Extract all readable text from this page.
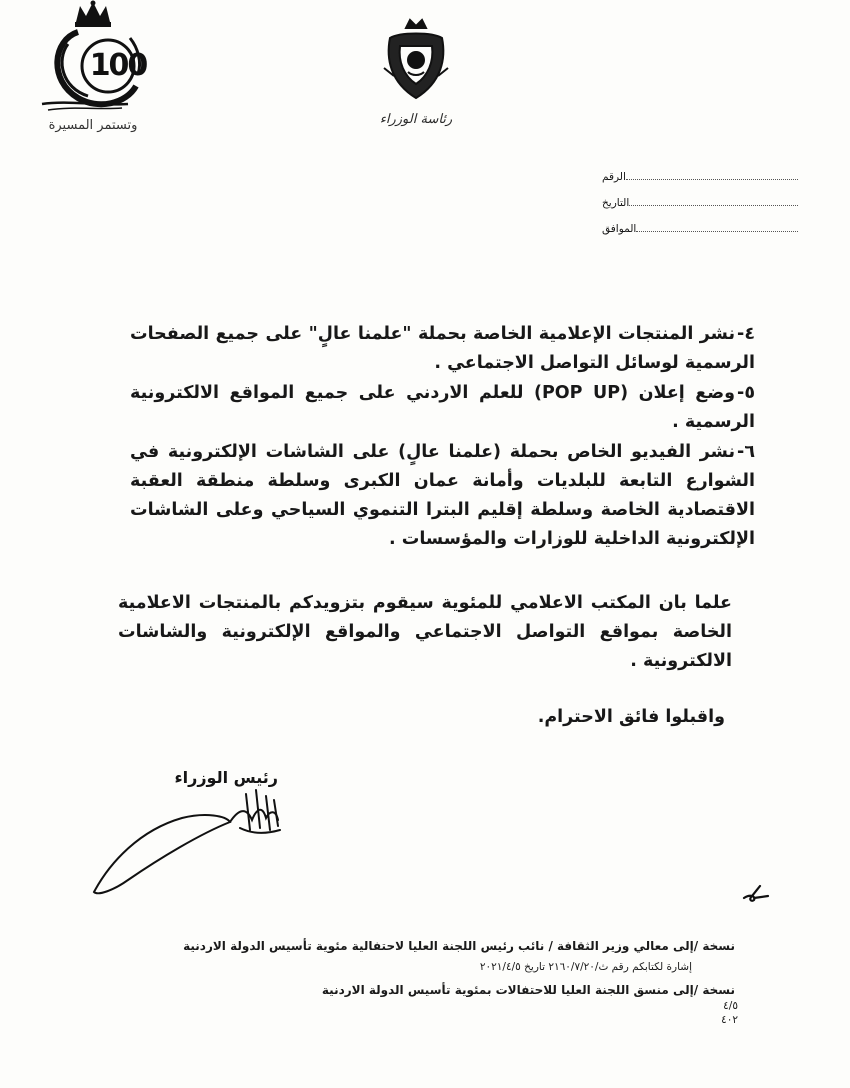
100
وتستمر المسيرة	رئاسة الوزراء
الرقم
التاريخ
الموافق
٤-نشر المنتجات الإعلامية الخاصة بحملة "علمنا عالٍ" على جميع الصفحات الرسمية لوسائل التواصل الاجتماعي .
٥-وضع إعلان (POP UP) للعلم الاردني على جميع المواقع الالكترونية الرسمية .
٦-نشر الفيديو الخاص بحملة (علمنا عالٍ) على الشاشات الإلكترونية في الشوارع التابعة للبلديات وأمانة عمان الكبرى وسلطة منطقة العقبة الاقتصادية الخاصة وسلطة إقليم البترا التنموي السياحي وعلى الشاشات الإلكترونية الداخلية للوزارات والمؤسسات .
علما بان المكتب الاعلامي للمئوية سيقوم بتزويدكم بالمنتجات الاعلامية الخاصة بمواقع التواصل الاجتماعي والمواقع الإلكترونية والشاشات الالكترونية .
واقبلوا فائق الاحترام.
رئيس الوزراء
نسخة /إلى معالي وزير الثقافة / نائب رئيس اللجنة العليا لاحتفالية مئوية تأسيس الدولة الاردنية
إشارة لكتابكم رقم ث/٢١٦٠/٧/٢٠ تاريخ ٢٠٢١/٤/٥
نسخة /إلى منسق اللجنة العليا للاحتفالات بمئوية تأسيس الدولة الاردنية
٤/٥
٤٠٢
